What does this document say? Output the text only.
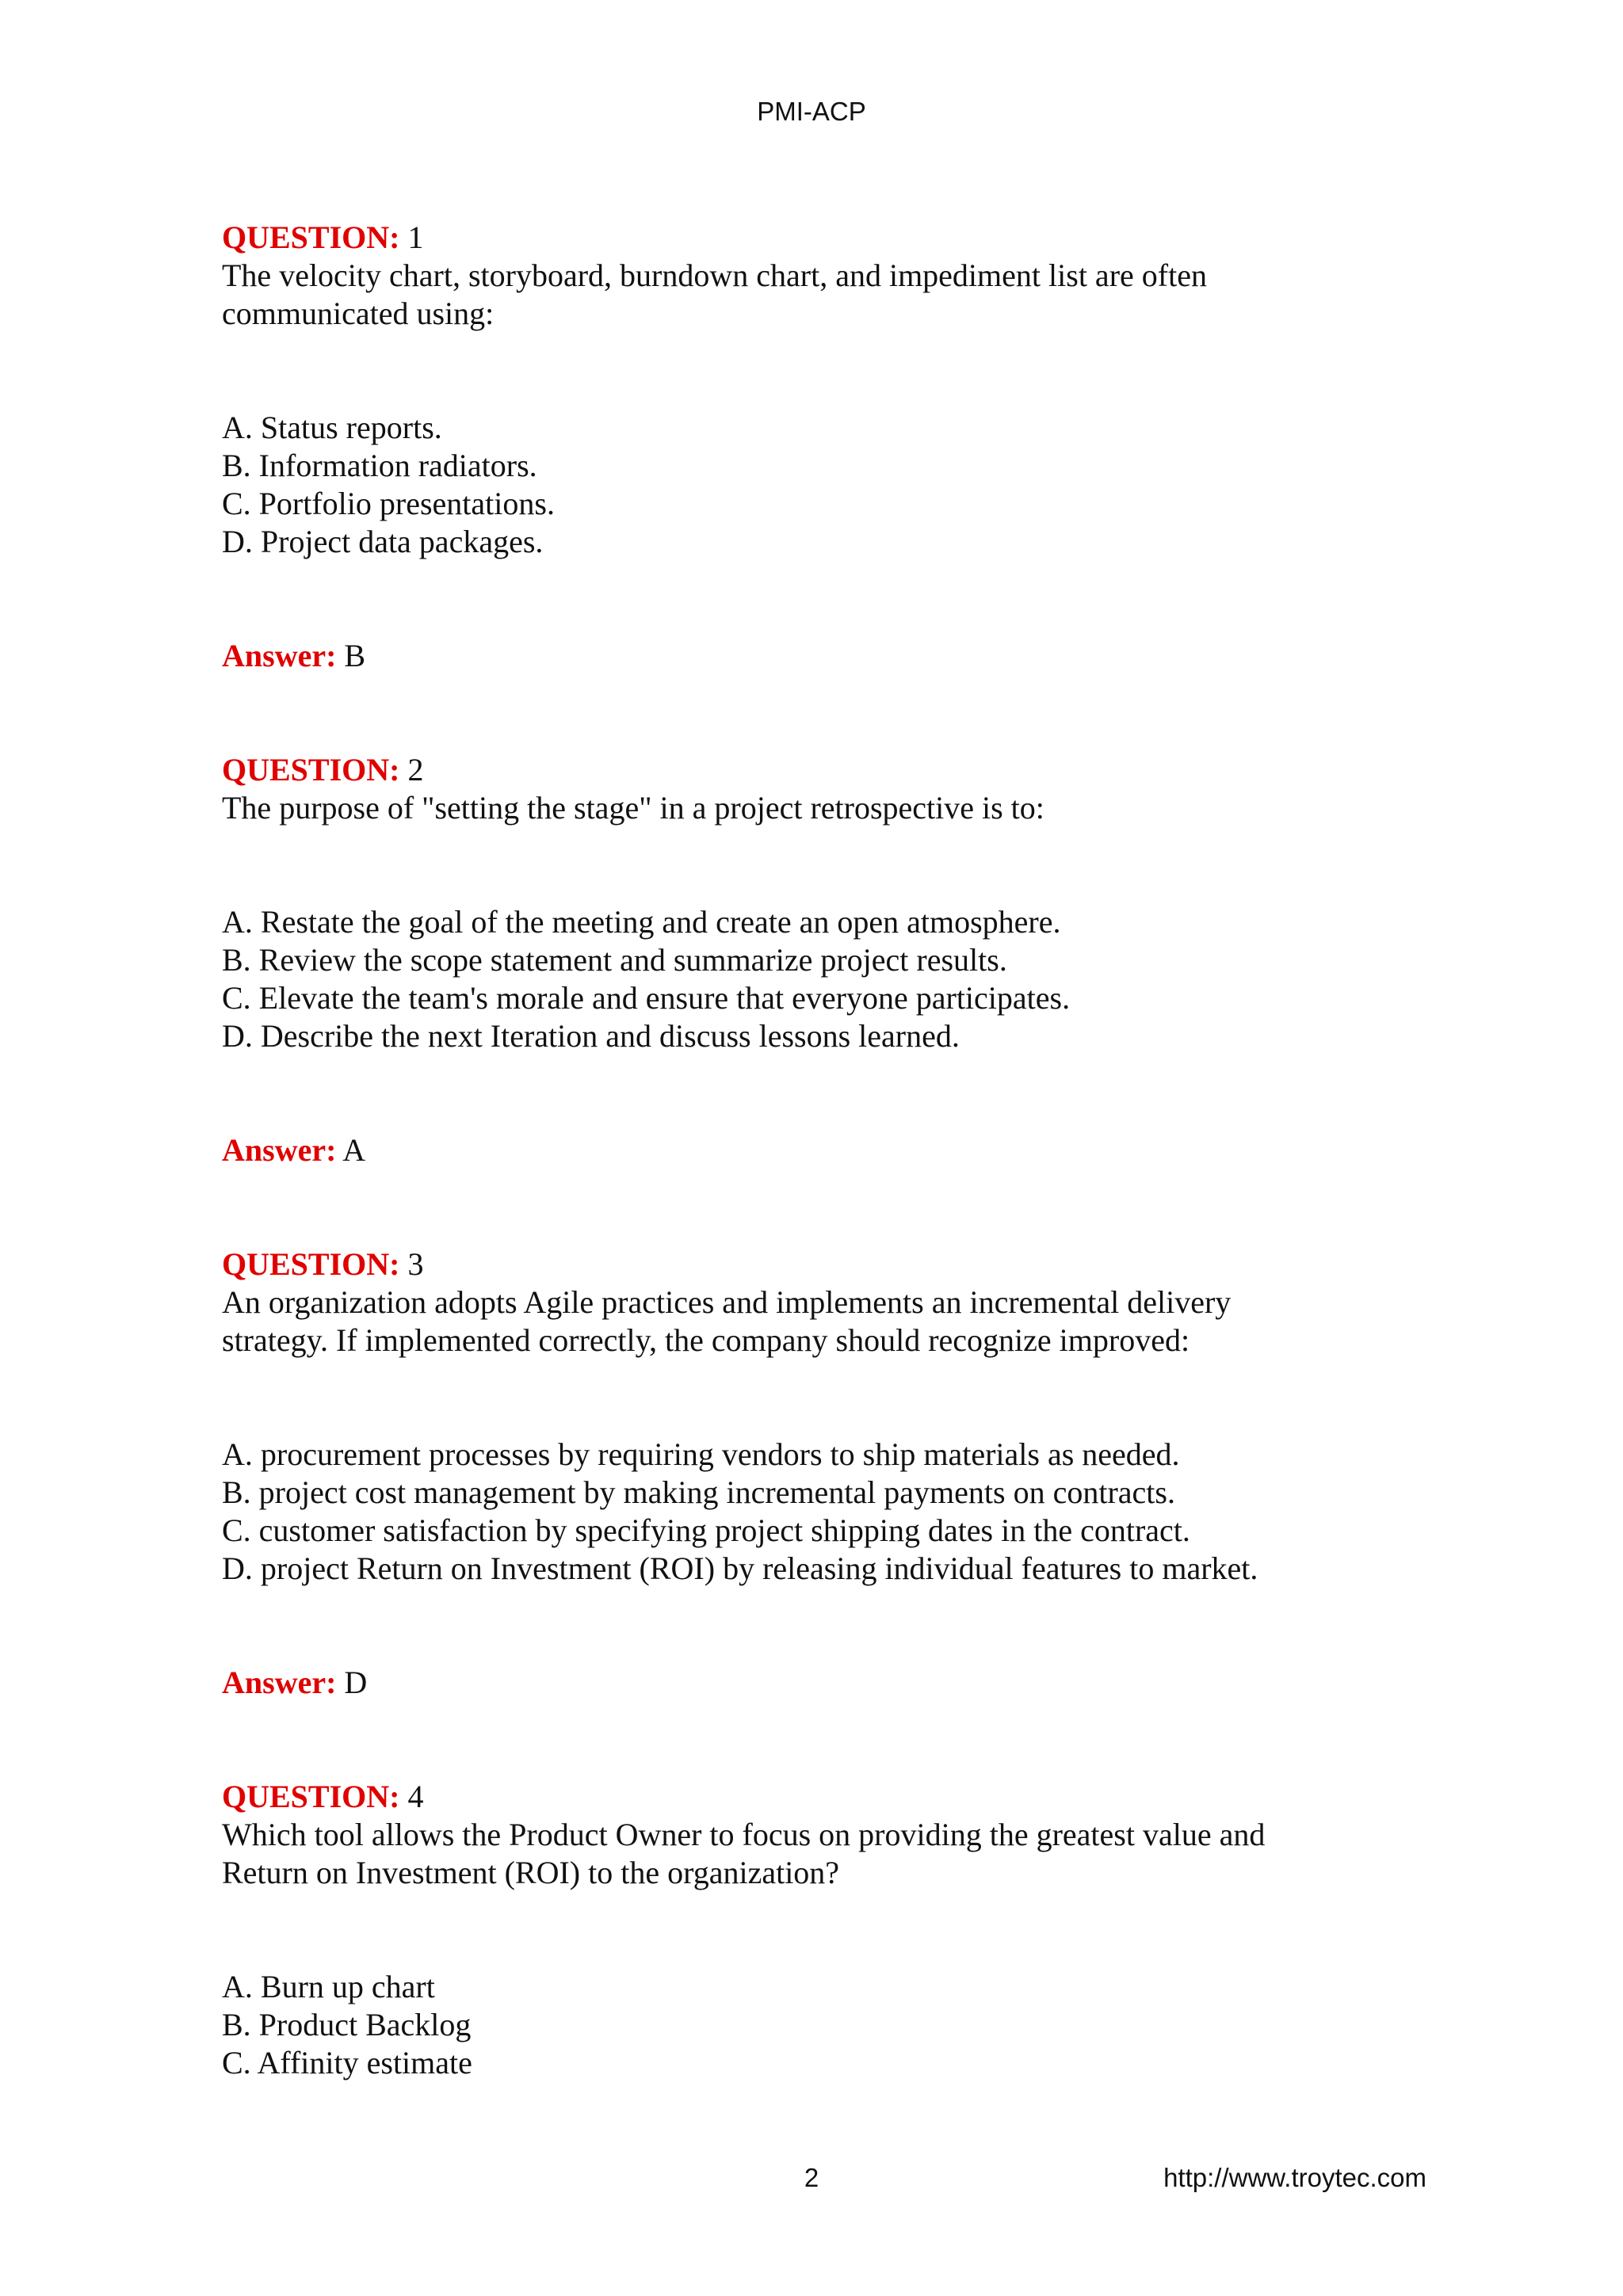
PMI-ACP
QUESTION: 1
The velocity chart, storyboard, burndown chart, and impediment list are often
communicated using:
A. Status reports.
B. Information radiators.
C. Portfolio presentations.
D. Project data packages.
Answer: B
QUESTION: 2
The purpose of "setting the stage" in a project retrospective is to:
A. Restate the goal of the meeting and create an open atmosphere.
B. Review the scope statement and summarize project results.
C. Elevate the team's morale and ensure that everyone participates.
D. Describe the next Iteration and discuss lessons learned.
Answer: A
QUESTION: 3
An organization adopts Agile practices and implements an incremental delivery
strategy. If implemented correctly, the company should recognize improved:
A. procurement processes by requiring vendors to ship materials as needed.
B. project cost management by making incremental payments on contracts.
C. customer satisfaction by specifying project shipping dates in the contract.
D. project Return on Investment (ROI) by releasing individual features to market.
Answer: D
QUESTION: 4
Which tool allows the Product Owner to focus on providing the greatest value and
Return on Investment (ROI) to the organization?
A. Burn up chart
B. Product Backlog
C. Affinity estimate
2	http://www.troytec.com
